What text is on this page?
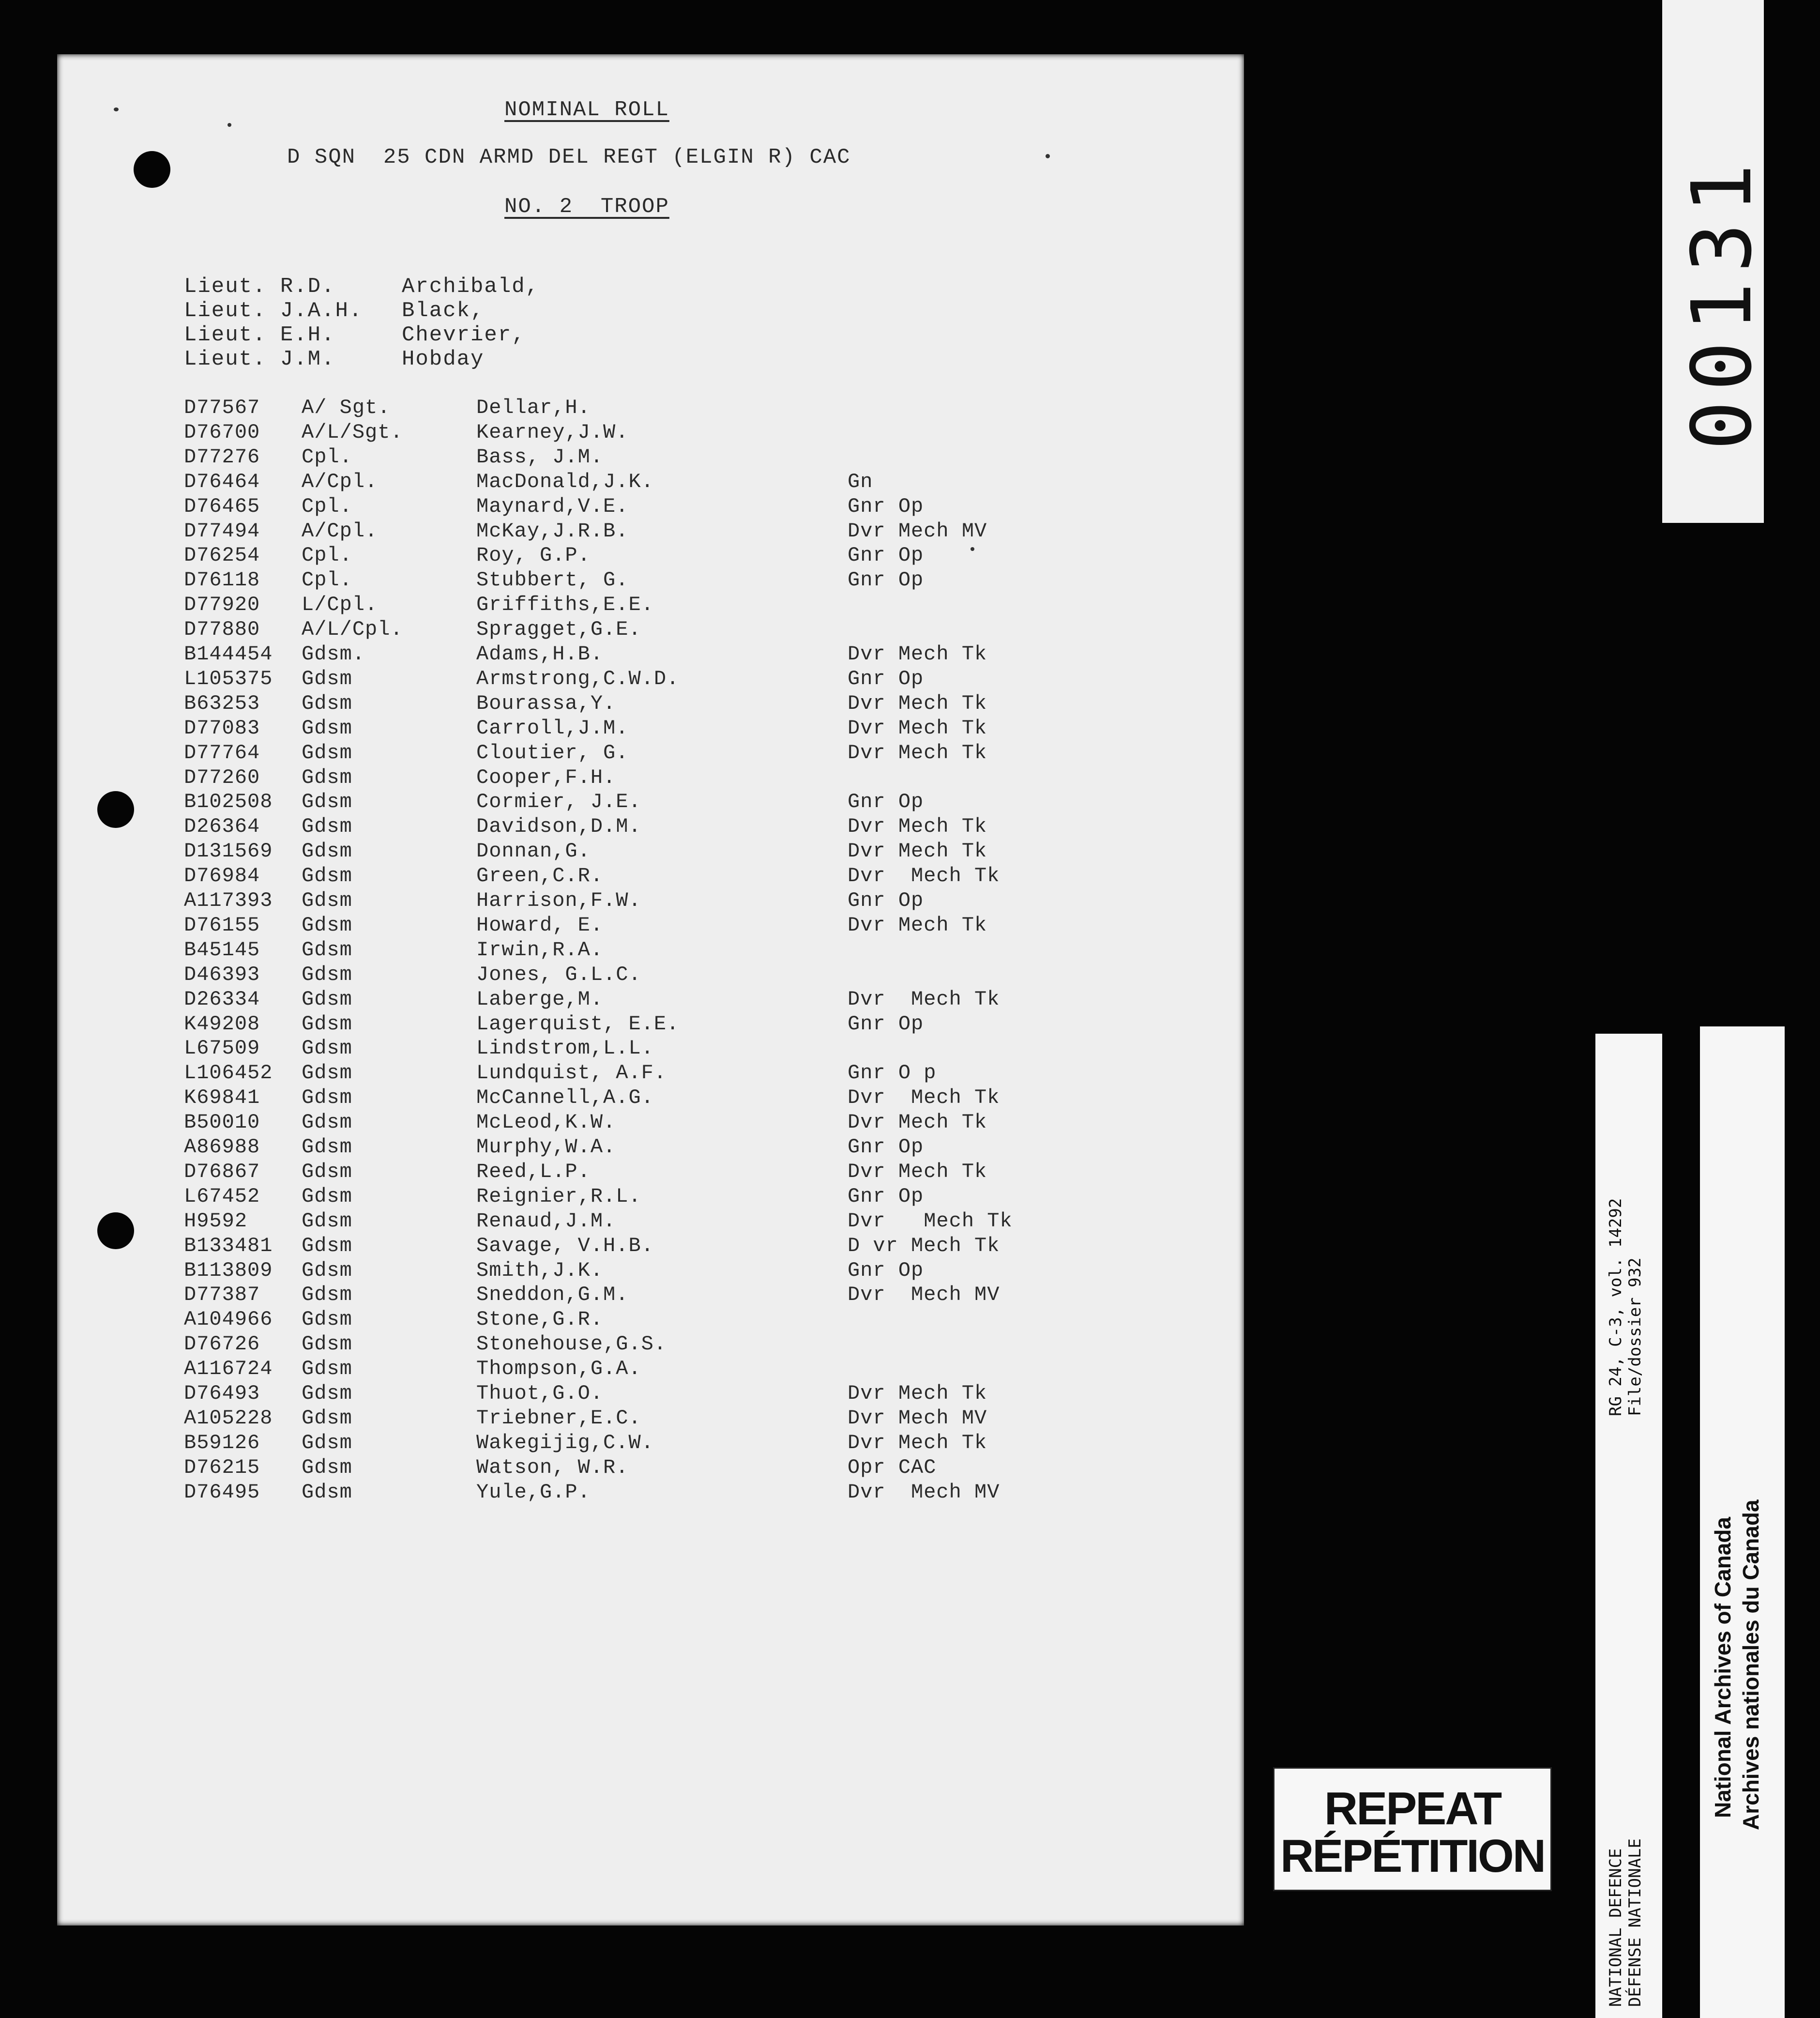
NOMINAL ROLL
D SQN  25 CDN ARMD DEL REGT (ELGIN R) CAC
NO. 2  TROOP
Lieut. R.D.	Archibald,
Lieut. J.A.H. Black,
Lieut. E.H.	Chevrier,
Lieut. J.M.	Hobday
D77567 A/ Sgt.	Dellar,H.
D76700 A/L/Sgt.	Kearney,J.W.
D77276 Cpl.	Bass, J.M.
D76464 A/Cpl.	MacDonald,J.K.	Gn
D76465 Cpl.	Maynard,V.E.	Gnr Op
D77494 A/Cpl.	McKay,J.R.B.	Dvr Mech MV
D76254 Cpl.	Roy, G.P.	Gnr Op
D76118 Cpl.	Stubbert, G.	Gnr Op
D77920 L/Cpl.	Griffiths,E.E.
D77880 A/L/Cpl.	Spragget,G.E.
B144454 Gdsm.	Adams,H.B.	Dvr Mech Tk
L105375 Gdsm	Armstrong,C.W.D.	Gnr Op
B63253 Gdsm	Bourassa,Y.	Dvr Mech Tk
D77083 Gdsm	Carroll,J.M.	Dvr Mech Tk
D77764 Gdsm	Cloutier, G.	Dvr Mech Tk
D77260 Gdsm	Cooper,F.H.
B102508 Gdsm	Cormier, J.E.	Gnr Op
D26364 Gdsm	Davidson,D.M.	Dvr Mech Tk
D131569 Gdsm	Donnan,G.	Dvr Mech Tk
D76984 Gdsm	Green,C.R.	Dvr  Mech Tk
A117393 Gdsm	Harrison,F.W.	Gnr Op
D76155 Gdsm	Howard, E.	Dvr Mech Tk
B45145 Gdsm	Irwin,R.A.
D46393 Gdsm	Jones, G.L.C.
D26334 Gdsm	Laberge,M.	Dvr  Mech Tk
K49208 Gdsm	Lagerquist, E.E.	Gnr Op
L67509 Gdsm	Lindstrom,L.L.
L106452 Gdsm	Lundquist, A.F.	Gnr O p
K69841 Gdsm	McCannell,A.G.	Dvr  Mech Tk
B50010 Gdsm	McLeod,K.W.	Dvr Mech Tk
A86988 Gdsm	Murphy,W.A.	Gnr Op
D76867 Gdsm	Reed,L.P.	Dvr Mech Tk
L67452 Gdsm	Reignier,R.L.	Gnr Op
H9592	Gdsm	Renaud,J.M.	Dvr   Mech Tk
B133481 Gdsm	Savage, V.H.B.	D vr Mech Tk
B113809 Gdsm	Smith,J.K.	Gnr Op
D77387 Gdsm	Sneddon,G.M.	Dvr  Mech MV
A104966 Gdsm	Stone,G.R.
D76726 Gdsm	Stonehouse,G.S.
A116724 Gdsm	Thompson,G.A.
D76493 Gdsm	Thuot,G.O.	Dvr Mech Tk
A105228 Gdsm	Triebner,E.C.	Dvr Mech MV
B59126 Gdsm	Wakegijig,C.W.	Dvr Mech Tk
D76215 Gdsm	Watson, W.R.	Opr CAC
D76495 Gdsm	Yule,G.P.	Dvr  Mech MV
00131
REPEAT
RÉPÉTITION
RG 24, C-3, vol. 14292 File/dossier 932
NATIONAL DEFENCE DÉFENSE NATIONALE
National Archives of Canada Archives nationales du Canada
